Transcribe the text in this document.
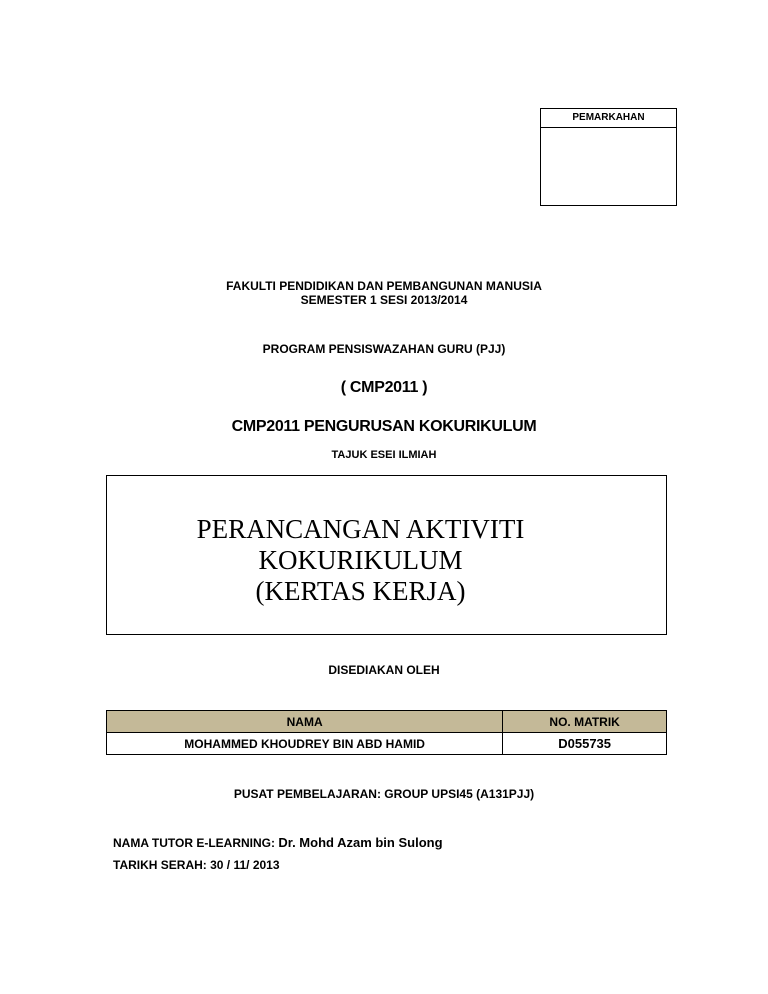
PEMARKAHAN
FAKULTI PENDIDIKAN DAN PEMBANGUNAN MANUSIA
SEMESTER 1 SESI 2013/2014
PROGRAM PENSISWAZAHAN GURU (PJJ)
( CMP2011 )
CMP2011 PENGURUSAN KOKURIKULUM
TAJUK ESEI ILMIAH
PERANCANGAN AKTIVITI
KOKURIKULUM
(KERTAS KERJA)
DISEDIAKAN OLEH
NAMA	NO. MATRIK
MOHAMMED KHOUDREY BIN ABD HAMID	D055735
PUSAT PEMBELAJARAN: GROUP UPSI45 (A131PJJ)
NAMA TUTOR E-LEARNING: Dr. Mohd Azam bin Sulong
TARIKH SERAH: 30 / 11/ 2013
